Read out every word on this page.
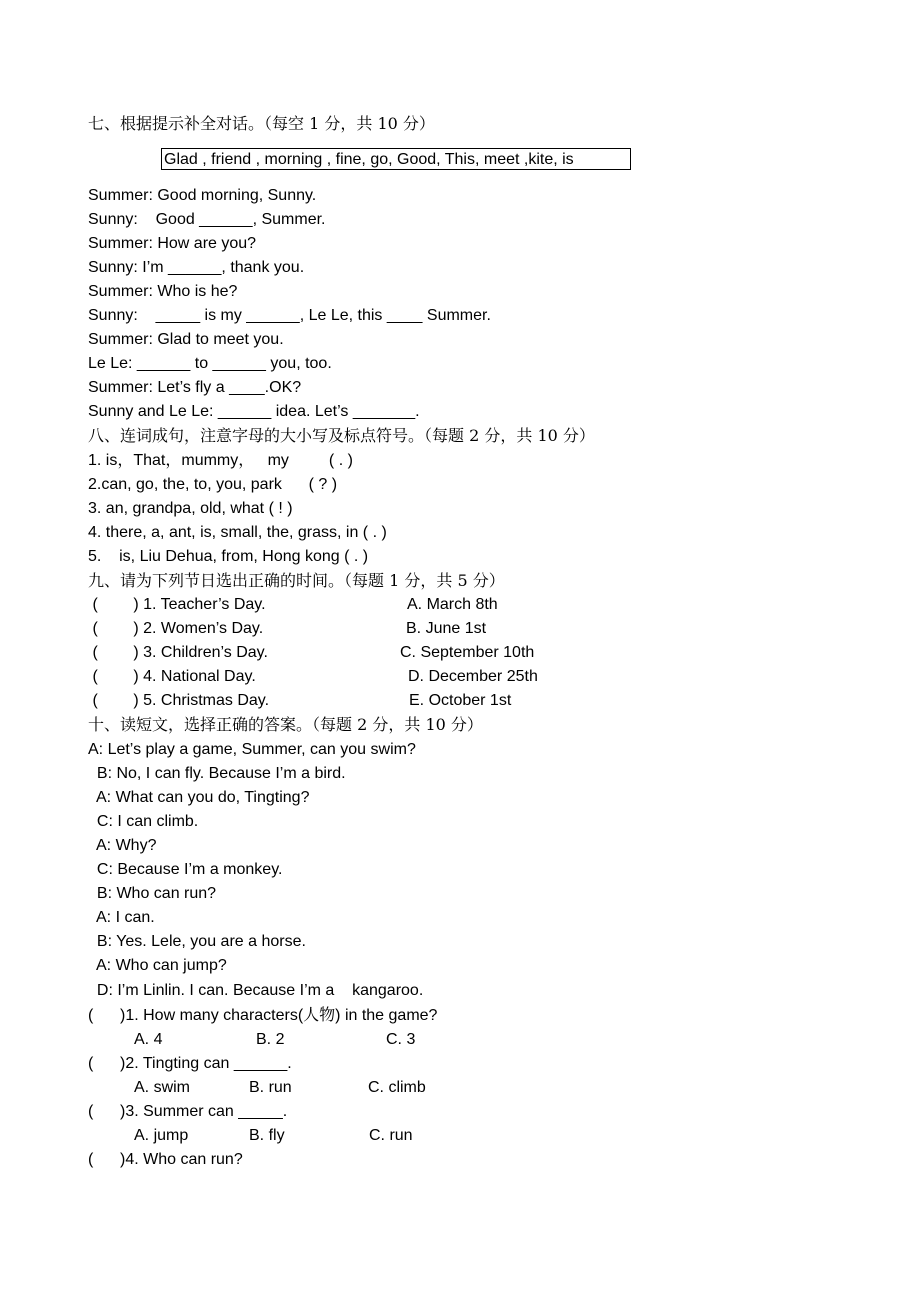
七、根据提示补全对话。（每空 1 分，共 10 分）
Glad , friend , morning , fine, go, Good, This, meet ,kite, is
Summer: Good morning, Sunny.
Sunny:    Good ______, Summer.
Summer: How are you?
Sunny: I’m ______, thank you.
Summer: Who is he?
Sunny:    _____ is my ______, Le Le, this ____ Summer.
Summer: Glad to meet you.
Le Le: ______ to ______ you, too.
Summer: Let’s fly a ____.OK?
Sunny and Le Le: ______ idea. Let’s _______.
八、连词成句，注意字母的大小写及标点符号。（每题 2 分，共 10 分）
1. is，That，mummy，   my         ( . )
2.can, go, the, to, you, park      ( ? )
3. an, grandpa, old, what ( ! )
4. there, a, ant, is, small, the, grass, in ( . )
5.    is, Liu Dehua, from, Hong kong ( . )
九、请为下列节日选出正确的时间。（每题 1 分，共 5 分）
(        ) 1. Teacher’s Day.	A. March 8th
(        ) 2. Women’s Day.	B. June 1st
(        ) 3. Children’s Day.	C. September 10th
(        ) 4. National Day.	D. December 25th
(        ) 5. Christmas Day.	E. October 1st
十、读短文，选择正确的答案。（每题 2 分，共 10 分）
A: Let’s play a game, Summer, can you swim?
B: No, I can fly. Because I’m a bird.
A: What can you do, Tingting?
C: I can climb.
A: Why?
C: Because I’m a monkey.
B: Who can run?
A: I can.
B: Yes. Lele, you are a horse.
A: Who can jump?
D: I’m Linlin. I can. Because I’m a    kangaroo.
(      )1. How many characters(人物) in the game?
A. 4	B. 2	C. 3
(      )2. Tingting can ______.
A. swim	B. run	C. climb
(      )3. Summer can _____.
A. jump	B. fly	C. run
(      )4. Who can run?
